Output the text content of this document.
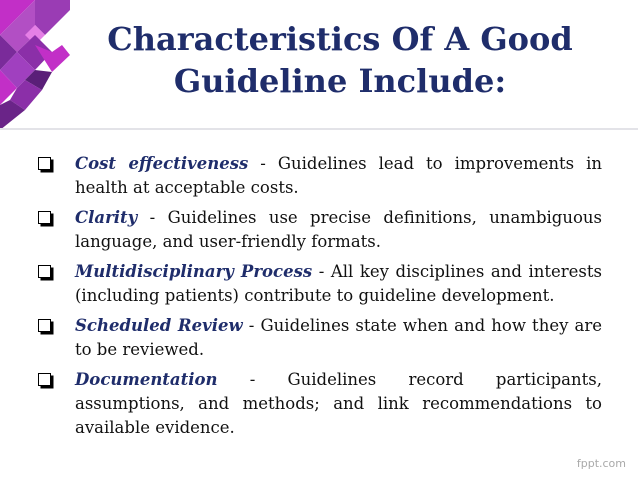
Characteristics Of A Good
Guideline Include:
Cost effectiveness - Guidelines lead to improvements in health at acceptable costs.
Clarity - Guidelines use precise definitions, unambiguous language, and user-friendly formats.
Multidisciplinary Process - All key disciplines and interests (including patients) contribute to guideline development.
Scheduled Review - Guidelines state when and how they are to be reviewed.
Documentation - Guidelines record participants, assumptions, and methods; and link recommendations to available evidence.
fppt.com
